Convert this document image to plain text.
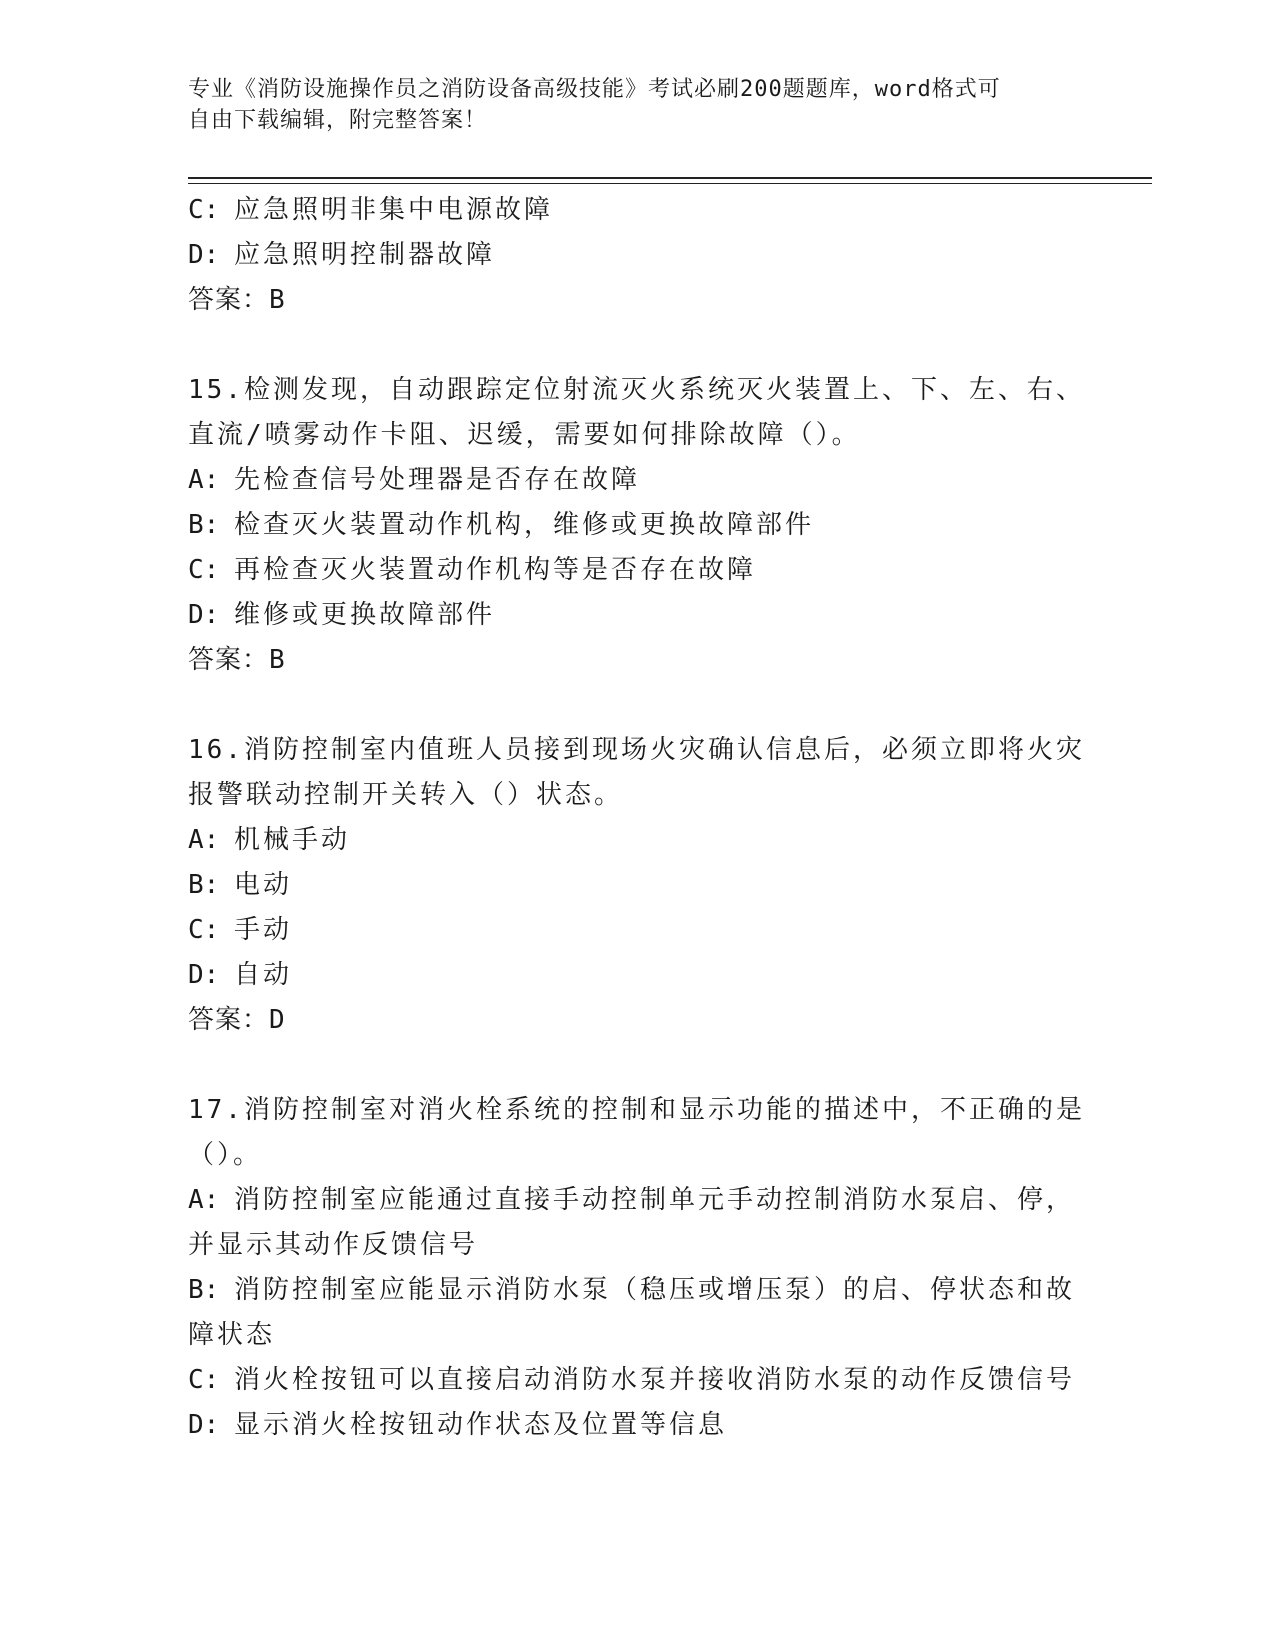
专业《消防设施操作员之消防设备高级技能》考试必刷200题题库，word格式可
自由下载编辑，附完整答案！
C: 应急照明非集中电源故障
D: 应急照明控制器故障
答案：B
15.检测发现，自动跟踪定位射流灭火系统灭火装置上、下、左、右、
直流/喷雾动作卡阻、迟缓，需要如何排除故障（）。
A: 先检查信号处理器是否存在故障
B: 检查灭火装置动作机构，维修或更换故障部件
C: 再检查灭火装置动作机构等是否存在故障
D: 维修或更换故障部件
答案：B
16.消防控制室内值班人员接到现场火灾确认信息后，必须立即将火灾
报警联动控制开关转入（）状态。
A: 机械手动
B: 电动
C: 手动
D: 自动
答案：D
17.消防控制室对消火栓系统的控制和显示功能的描述中，不正确的是
（）。
A: 消防控制室应能通过直接手动控制单元手动控制消防水泵启、停，
并显示其动作反馈信号
B: 消防控制室应能显示消防水泵（稳压或增压泵）的启、停状态和故
障状态
C: 消火栓按钮可以直接启动消防水泵并接收消防水泵的动作反馈信号
D: 显示消火栓按钮动作状态及位置等信息
